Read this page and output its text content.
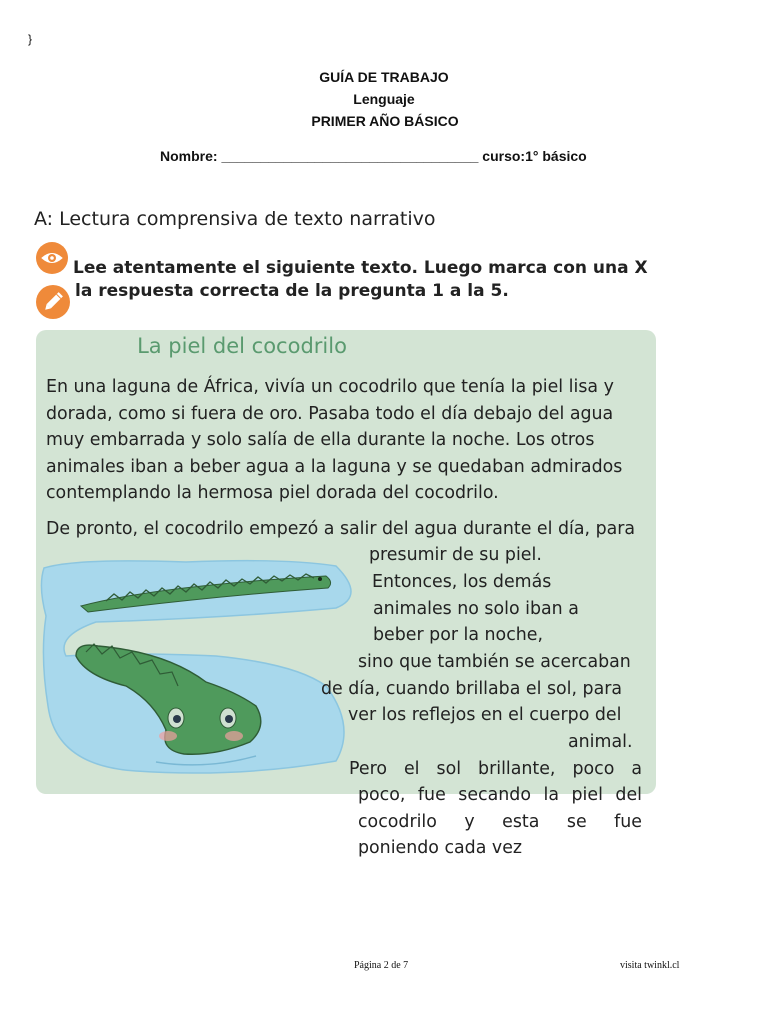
}
GUÍA DE TRABAJO
Lenguaje
PRIMER AÑO BÁSICO
Nombre: _________________________________ curso:1° básico
A: Lectura comprensiva de texto narrativo
Lee atentamente el siguiente texto. Luego marca con una X
la respuesta correcta de la pregunta 1 a la 5.
La piel del cocodrilo
En una laguna de África, vivía un cocodrilo que tenía la piel lisa y
dorada, como si fuera de oro. Pasaba todo el día debajo del agua
muy embarrada y solo salía de ella durante la noche. Los otros
animales iban a beber agua a la laguna y se quedaban admirados
contemplando la hermosa piel dorada del cocodrilo.
De pronto, el cocodrilo empezó a salir del agua durante el día, para
presumir de su piel.
Entonces, los demás
animales no solo iban a
beber por la noche,
sino que también se acercaban
de día, cuando brillaba el sol, para
ver los reflejos en el cuerpo del
animal.
Pero el sol brillante, poco a
poco, fue secando la piel del
cocodrilo y esta se fue
poniendo cada vez
Página 2 de 7	visita twinkl.cl
